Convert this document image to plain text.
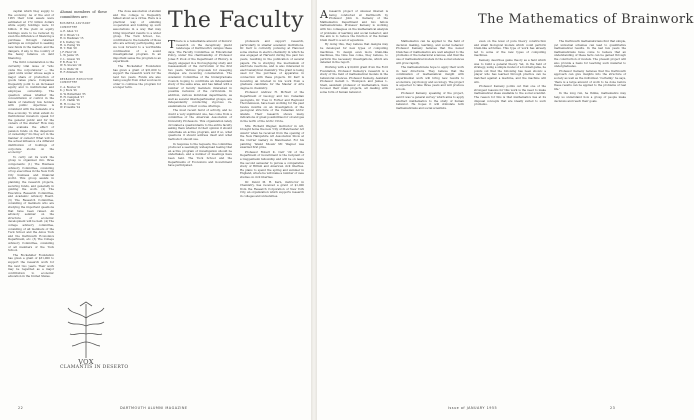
capital which they supply to the economy. As of the end of 1955 their total assets were estimated at 172 billion dollars while equity holdings were 12 billion. If the yield on equity holdings were to be reduced by even the difference of financing a purchase through retained earnings as compared to seeking new funds in the market, and the dangers, if any, to the country of the heavy reliance on debt financing.

The third consideration is the currently vital issue of "who owns the corporations" — the giant units under whose aegis a major share of production of goods takes place. Companies frequently point to an increased equity and to institutional and employee ownership. The question arises whether the concentration of control in the hands of relatively few holders with public objectives is consistent with the demands of a free economy. To what extent do institutional investors speak for the general public and for the owners of the shares? How may one evaluate the effect of pension funds on the dispersion of ownership? Do they act in the manner of owners? What will be the actual influence of a different distribution of holdings of corporate stocks on the economy?

To carry out its work the group is organized into three components: (1) The Business Advisory Committee, consisting of top executives in the New York City business and financial world. This group assists in planning the research projects, securing funds, and generally in guiding the work. (2) The Executive Research Committee, and Academic Advisory Board. (3) The Research Committee, consisting of members who are studying the important questions that have been raised. An advisory seminar on the structure of economic development will be held. (4) The college advisory committee, consisting of all members of the Tuck School and the Amos Tuck and the Dartmouth Economics Department, etc. (5) The College Advisory Committee, consisting of all members of the Tuck School.

The Rockefeller Foundation has given a grant of $31,000 to support the research work for the next two years. Their work may be regarded as a major contribution to economic education in the United States.

Alumni members of these committees are:
BUSINESS ADVISORY COMMITTEE
A. E. Allen '12
W. C. Brush '12
R. D. Bushman '15
P. S. Dudley '24
H. G. Ewing '29
H. T. Hull '28
J. F. Hunt '20
L. W. Jenks '25
C. L. Linson '29
F. B. Ross '21
W. N. Slocum '20
D. G. Wells '30
R. F. Zimmerli '29
RESEARCH EXECUTIVE COMMITTEE
C. A. Bowles '21
K. J. Bock '26
D. W. Butterfield '35
R. H. Campbell '27
C. E. Claflin '26
H. H. Cooke '31
W. P. Gaddis '24

The close association of alumni and the college is frequently talked about as a virtue. Here is a practical way of enlisting cooperation and building up such associations in a way that may bring important results to a wider group. The Tuck School, too, contributes to the benefits of those who are actively participating, and we look forward to a worthwhile continuation of a sound investigational program. In an important sense the program is an experiment.

The Rockefeller Foundation has given a grant of $31,000 to support the research work for the next two years. Funds are also being sought from other sources in order to continue the program for a longer term.

VOX
CLAMANTIS IN DESERTO
The Faculty

There is a remarkable amount of historic research on the deceptively placid landscape of Dartmouth's campus these days. The Faculty Committee on Educational Policy, under the chairmanship of Professor Jonas F. Pook of the Department of History, is deeply engaged in a thoroughgoing study and reassessment of the curriculum of the first two years. Various proposals for sweeping changes are receiving consideration. The Academic Committee of the Undergraduate Council, hoping to contribute an independent study of the same area, and has talked with a number of faculty members interested in possible revisions of the curriculum. In addition, various individual departments, as well as several interdepartmental groups, are independently conducting vigorous re-examinations of their course offerings.

The most recent burst of activity, and no doubt a very significant one, has come from a committee of the American Association of University Professors. This organization lately circulated a questionnaire to the entire faculty asking them whether in their opinion it should undertake an active program, and if so, what questions it should address itself and what methods it should use.

In response to the requests, the committee produced a seemingly widespread feeling that an active program of investigation should be undertaken, and a number of meetings have been held. The Tuck School and the Departments of Economics and Government have participated.

professors and support research, particularly in smaller academic institutions. Dr. Kerr is currently pursuing at Hanover some studies in electro-chemistry in which he was engaged at Harvard during the past two years, resulting in the publication of several papers. He is studying the mechanism of electrode reactions, and is also interested in electroanalytical chemistry. The grant is being used for the purchase of apparatus in connection with these projects. Dr. Kerr is receiving an interest in his work from a graduate candidate for the Master of Arts degree in chemistry.

Professor Andrew H. McNair of the Department of Geology and two Canadian geologists, Dr. Yves O. Fortier and Raymond Thorsteinsson, have been working for the past twelve months on an investigation of the geological structure of the Canadian Arctic islands. Their research shows many indications of great possibilities for oil and gas in the north of the Arctic Circle.

Mrs. Richard Wagner, instructor in Art, brought home the new 'City of Manchester Art Award' when he received from the opening of the New Hampshire Art Association Show at the Currier Gallery in Manchester. For his painting 'Island Shoals' Mr. Wagner was awarded first prize.

Professor Robert K. Carr '29 of the Department of Government is the recipient of a Guggenheim fellowship and will be on leave the second semester to pursue a comparative study of British and American civil liberties. He plans to spend the spring and summer in England, where he will make a number of case studies on civil liberties.

Dr. David M. H. Kern, instructor in Chemistry, has received a grant of $1,000 from the Research Corporation of New York City, an organization which supports research in colleges and universities.

22	DARTMOUTH ALUMNI MAGAZINE

A research project of unusual interest is being conducted at Dartmouth by Professor John G. Kemeny of the Mathematics Department and two fellow mathematicians. Professor Kemeny is working with two colleagues on the mathematical analysis of problems of learning and social behavior, and the aim is to reduce the function of the human brain itself to a set of equations.

By doing this, they believe that designs may be developed for new types of computing machines. To design even more brain-like machines, the time has come, they believe, to perform the necessary investigations, which are detailed in the report.

Working with a $10,000 grant from the Ford Foundation, Professor Kemeny's research is a study of the field of mathematical models in the behavioral sciences. Professor Kemeny, Assistant Professor Gerald L. Thompson and James L. Snell, assistant professor of mathematics, have focused their main projects, all dealing with some form of human behavior.

The Mathematics of Brainwork

Mathematics can be applied to the field of decision making, learning, and social behavior. Professor Kemeny believes that the newer branches of mathematics are well adapted to the problems of the behavioral sciences, and that the use of mathematical models in the social sciences will grow rapidly.

The mathematicians hope to apply their work in new directions. They believe that the combination of mathematical insight with experimental work will bring new results to economics, psychology and sociology. The project is expected to take three years and will produce a book.

Professor Kemeny, speaking of the project, said it was 'a general survey' which aims to apply abstract mathematics to the study of human behavior. He hopes it will stimulate both mathematicians and social scientists.

even on the level of pure theory construction and small biological models which could perform brain-like activities. This type of work has already led to some of the new types of computing machines.

Kemeny describes game theory as a field which was to build a general theory. Yet, in the field of strategy, using a simple model of a football game, he points out that the following has been shown: a player who has learned through practice can be matched against a machine, and the machine will win.

Professor Kemeny points out that one of the strongest reasons for this work is the need to make mathematical ideas available to the social scientist. The reason for this is that mathematics has at its disposal concepts that are ideally suited to such problems.

The Dartmouth mathematicians find that simple, yet universal schemes can lead to quantitative mathematical results. In the last few years the mathematicians have come to believe that an understanding of these facts can be gained through the construction of models. The present project will also provide a basis for teaching such material to undergraduates.

Professor Kemeny believes that the Dartmouth approach can give insights into the structure of society as well as the individual. 'Certainly,' he says, 'there is a large amount of work to be done before these results can be applied to the problems of real life.'

In the long run, he thinks, mathematics may help us understand how a group of people make decisions and reach their goals.

Issue of JANUARY 1955	23
